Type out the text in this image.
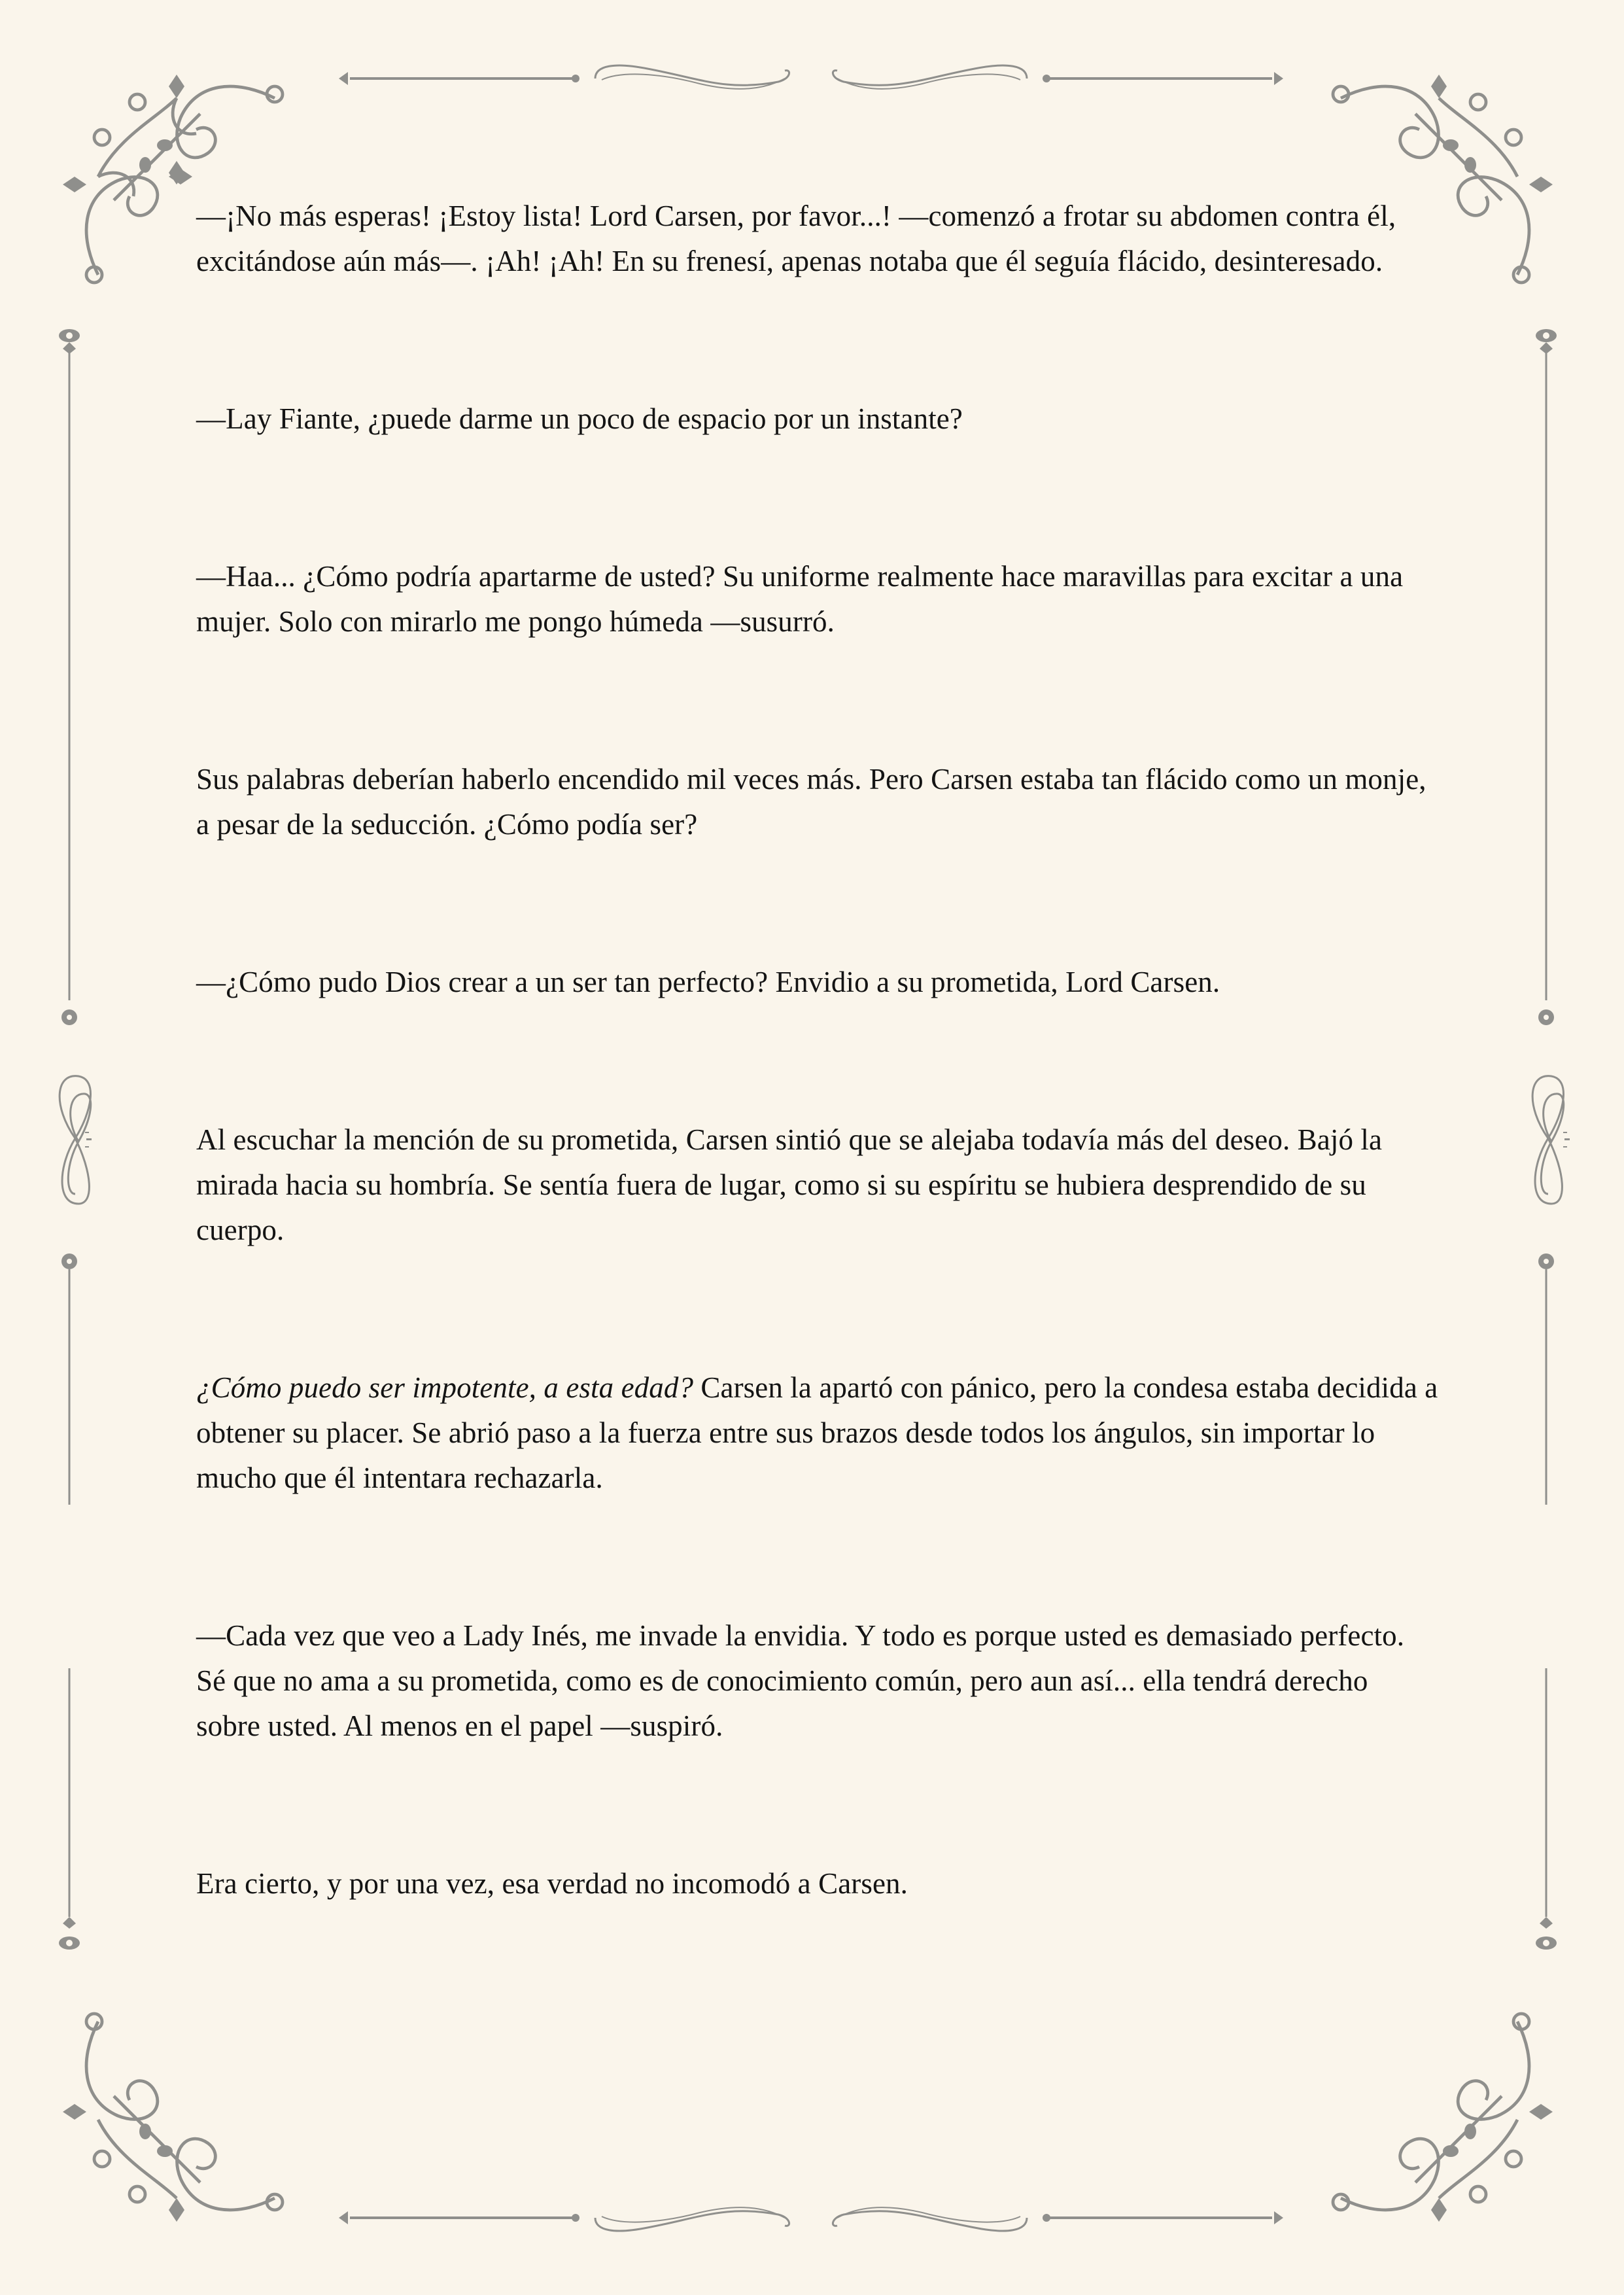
—¡No más esperas! ¡Estoy lista! Lord Carsen, por favor...! —comenzó a frotar su abdomen contra él, excitándose aún más—. ¡Ah! ¡Ah! En su frenesí, apenas notaba que él seguía flácido, desinteresado.

—Lay Fiante, ¿puede darme un poco de espacio por un instante?

—Haa... ¿Cómo podría apartarme de usted? Su uniforme realmente hace maravillas para excitar a una mujer. Solo con mirarlo me pongo húmeda —susurró.

Sus palabras deberían haberlo encendido mil veces más. Pero Carsen estaba tan flácido como un monje, a pesar de la seducción. ¿Cómo podía ser?

—¿Cómo pudo Dios crear a un ser tan perfecto? Envidio a su prometida, Lord Carsen.

Al escuchar la mención de su prometida, Carsen sintió que se alejaba todavía más del deseo. Bajó la mirada hacia su hombría. Se sentía fuera de lugar, como si su espíritu se hubiera desprendido de su cuerpo.

¿Cómo puedo ser impotente, a esta edad? Carsen la apartó con pánico, pero la condesa estaba decidida a obtener su placer. Se abrió paso a la fuerza entre sus brazos desde todos los ángulos, sin importar lo mucho que él intentara rechazarla.

—Cada vez que veo a Lady Inés, me invade la envidia. Y todo es porque usted es demasiado perfecto. Sé que no ama a su prometida, como es de conocimiento común, pero aun así... ella tendrá derecho sobre usted. Al menos en el papel —suspiró.

Era cierto, y por una vez, esa verdad no incomodó a Carsen.
